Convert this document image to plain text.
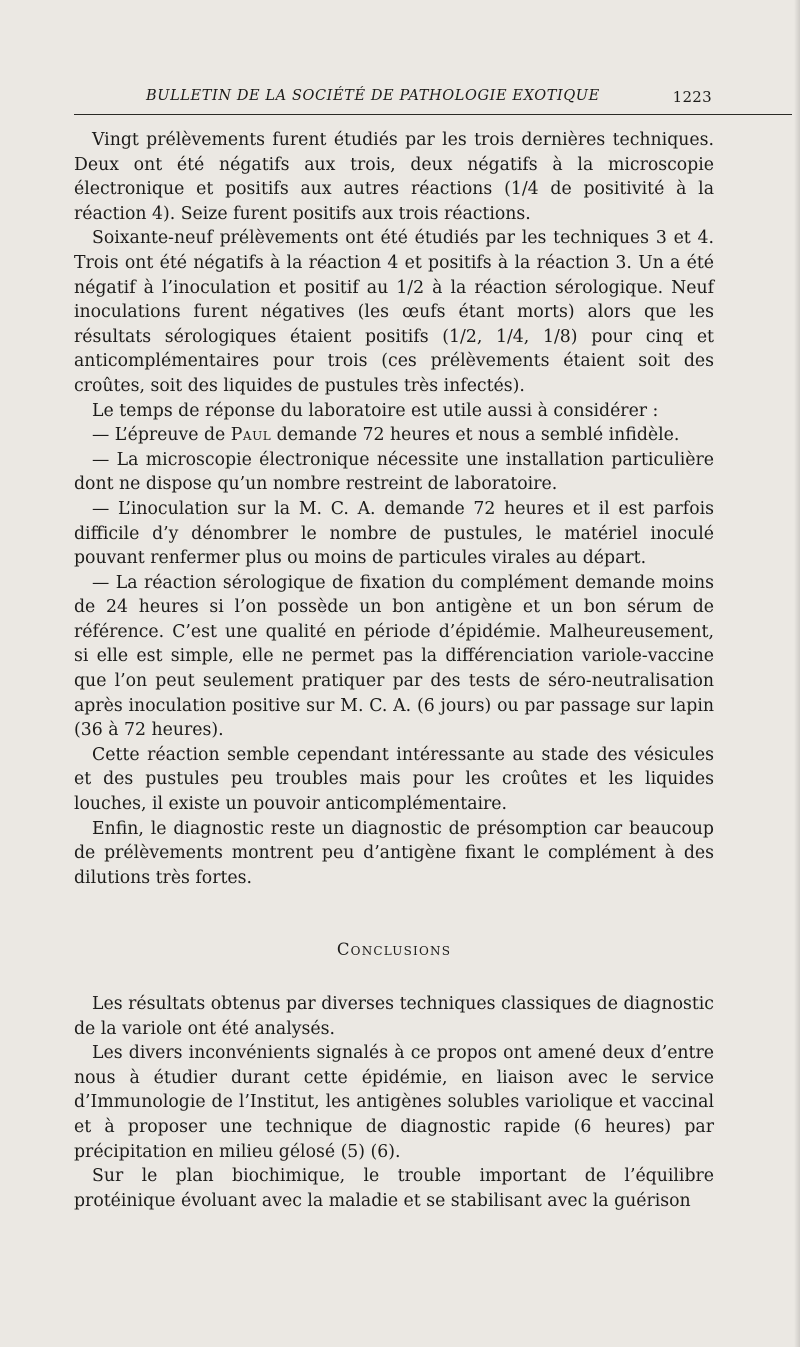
BULLETIN DE LA SOCIÉTÉ DE PATHOLOGIE EXOTIQUE	1223

Vingt prélèvements furent étudiés par les trois dernières techniques. Deux ont été négatifs aux trois, deux négatifs à la microscopie électronique et positifs aux autres réactions (1/4 de positivité à la réaction 4). Seize furent positifs aux trois réactions.

Soixante-neuf prélèvements ont été étudiés par les techniques 3 et 4. Trois ont été négatifs à la réaction 4 et positifs à la réaction 3. Un a été négatif à l’inoculation et positif au 1/2 à la réaction sérologique. Neuf inoculations furent négatives (les œufs étant morts) alors que les résultats sérologiques étaient positifs (1/2, 1/4, 1/8) pour cinq et anticomplémentaires pour trois (ces prélèvements étaient soit des croûtes, soit des liquides de pustules très infectés).

Le temps de réponse du laboratoire est utile aussi à considérer :

— L’épreuve de Paul demande 72 heures et nous a semblé infidèle.

— La microscopie électronique nécessite une installation particulière dont ne dispose qu’un nombre restreint de laboratoire.

— L’inoculation sur la M. C. A. demande 72 heures et il est parfois difficile d’y dénombrer le nombre de pustules, le matériel inoculé pouvant renfermer plus ou moins de particules virales au départ.

— La réaction sérologique de fixation du complément demande moins de 24 heures si l’on possède un bon antigène et un bon sérum de référence. C’est une qualité en période d’épidémie. Malheureusement, si elle est simple, elle ne permet pas la différenciation variole-vaccine que l’on peut seulement pratiquer par des tests de séro-neutralisation après inoculation positive sur M. C. A. (6 jours) ou par passage sur lapin (36 à 72 heures).

Cette réaction semble cependant intéressante au stade des vésicules et des pustules peu troubles mais pour les croûtes et les liquides louches, il existe un pouvoir anticomplémentaire.

Enfin, le diagnostic reste un diagnostic de présomption car beaucoup de prélèvements montrent peu d’antigène fixant le complément à des dilutions très fortes.

Conclusions

Les résultats obtenus par diverses techniques classiques de diagnostic de la variole ont été analysés.

Les divers inconvénients signalés à ce propos ont amené deux d’entre nous à étudier durant cette épidémie, en liaison avec le service d’Immunologie de l’Institut, les antigènes solubles variolique et vaccinal et à proposer une technique de diagnostic rapide (6 heures) par précipitation en milieu gélosé (5) (6).

Sur le plan biochimique, le trouble important de l’équilibre protéinique évoluant avec la maladie et se stabilisant avec la guérison
